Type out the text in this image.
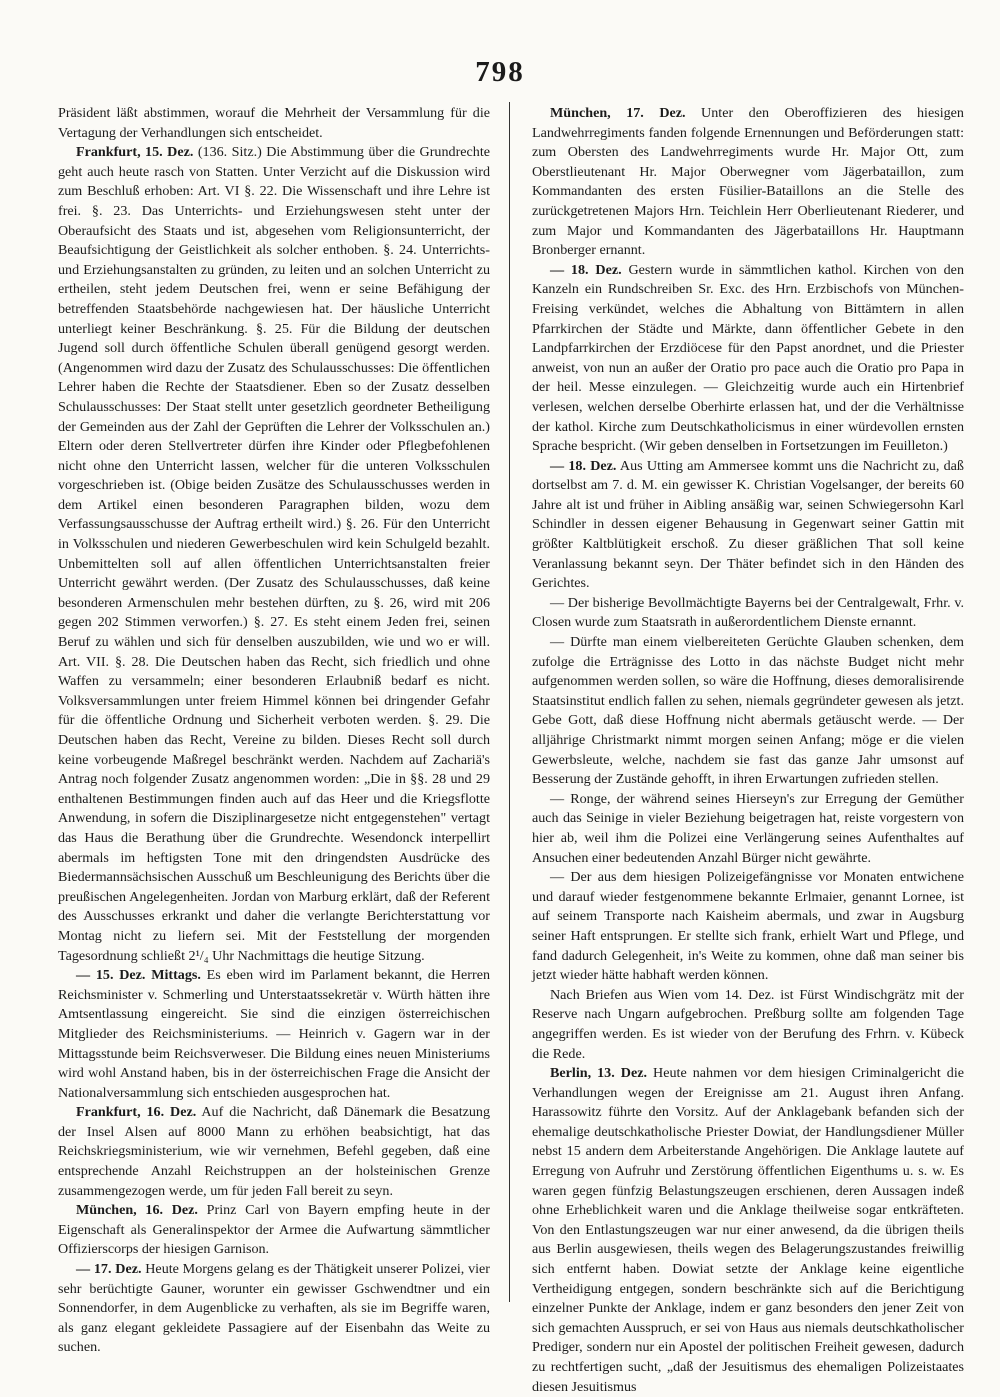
798

Präsident läßt abstimmen, worauf die Mehrheit der Versammlung für die Vertagung der Verhandlungen sich entscheidet.

Frankfurt, 15. Dez. (136. Sitz.) Die Abstimmung über die Grundrechte geht auch heute rasch von Statten. Unter Verzicht auf die Diskussion wird zum Beschluß erhoben: Art. VI §. 22. Die Wissenschaft und ihre Lehre ist frei. §. 23. Das Unterrichts- und Erziehungswesen steht unter der Oberaufsicht des Staats und ist, abgesehen vom Religionsunterricht, der Beaufsichtigung der Geistlichkeit als solcher enthoben. §. 24. Unterrichts- und Erziehungsanstalten zu gründen, zu leiten und an solchen Unterricht zu ertheilen, steht jedem Deutschen frei, wenn er seine Befähigung der betreffenden Staatsbehörde nachgewiesen hat. Der häusliche Unterricht unterliegt keiner Beschränkung. §. 25. Für die Bildung der deutschen Jugend soll durch öffentliche Schulen überall genügend gesorgt werden. (Angenommen wird dazu der Zusatz des Schulausschusses: Die öffentlichen Lehrer haben die Rechte der Staatsdiener. Eben so der Zusatz desselben Schulausschusses: Der Staat stellt unter gesetzlich geordneter Betheiligung der Gemeinden aus der Zahl der Geprüften die Lehrer der Volksschulen an.) Eltern oder deren Stellvertreter dürfen ihre Kinder oder Pflegbefohlenen nicht ohne den Unterricht lassen, welcher für die unteren Volksschulen vorgeschrieben ist. (Obige beiden Zusätze des Schulausschusses werden in dem Artikel einen besonderen Paragraphen bilden, wozu dem Verfassungsausschusse der Auftrag ertheilt wird.) §. 26. Für den Unterricht in Volksschulen und niederen Gewerbeschulen wird kein Schulgeld bezahlt. Unbemittelten soll auf allen öffentlichen Unterrichtsanstalten freier Unterricht gewährt werden. (Der Zusatz des Schulausschusses, daß keine besonderen Armenschulen mehr bestehen dürften, zu §. 26, wird mit 206 gegen 202 Stimmen verworfen.) §. 27. Es steht einem Jeden frei, seinen Beruf zu wählen und sich für denselben auszubilden, wie und wo er will. Art. VII. §. 28. Die Deutschen haben das Recht, sich friedlich und ohne Waffen zu versammeln; einer besonderen Erlaubniß bedarf es nicht. Volksversammlungen unter freiem Himmel können bei dringender Gefahr für die öffentliche Ordnung und Sicherheit verboten werden. §. 29. Die Deutschen haben das Recht, Vereine zu bilden. Dieses Recht soll durch keine vorbeugende Maßregel beschränkt werden. Nachdem auf Zachariä's Antrag noch folgender Zusatz angenommen worden: „Die in §§. 28 und 29 enthaltenen Bestimmungen finden auch auf das Heer und die Kriegsflotte Anwendung, in sofern die Disziplinargesetze nicht entgegenstehen" vertagt das Haus die Berathung über die Grundrechte. Wesendonck interpellirt abermals im heftigsten Tone mit den dringendsten Ausdrücke des Biedermannsächsischen Ausschuß um Beschleunigung des Berichts über die preußischen Angelegenheiten. Jordan von Marburg erklärt, daß der Referent des Ausschusses erkrankt und daher die verlangte Berichterstattung vor Montag nicht zu liefern sei. Mit der Feststellung der morgenden Tagesordnung schließt 2¹/₄ Uhr Nachmittags die heutige Sitzung.

— 15. Dez. Mittags. Es eben wird im Parlament bekannt, die Herren Reichsminister v. Schmerling und Unterstaatssekretär v. Würth hätten ihre Amtsentlassung eingereicht. Sie sind die einzigen österreichischen Mitglieder des Reichsministeriums. — Heinrich v. Gagern war in der Mittagsstunde beim Reichsverweser. Die Bildung eines neuen Ministeriums wird wohl Anstand haben, bis in der österreichischen Frage die Ansicht der Nationalversammlung sich entschieden ausgesprochen hat.

Frankfurt, 16. Dez. Auf die Nachricht, daß Dänemark die Besatzung der Insel Alsen auf 8000 Mann zu erhöhen beabsichtigt, hat das Reichskriegsministerium, wie wir vernehmen, Befehl gegeben, daß eine entsprechende Anzahl Reichstruppen an der holsteinischen Grenze zusammengezogen werde, um für jeden Fall bereit zu seyn.

München, 16. Dez. Prinz Carl von Bayern empfing heute in der Eigenschaft als Generalinspektor der Armee die Aufwartung sämmtlicher Offizierscorps der hiesigen Garnison.

— 17. Dez. Heute Morgens gelang es der Thätigkeit unserer Polizei, vier sehr berüchtigte Gauner, worunter ein gewisser Gschwendtner und ein Sonnendorfer, in dem Augenblicke zu verhaften, als sie im Begriffe waren, als ganz elegant gekleidete Passagiere auf der Eisenbahn das Weite zu suchen.

München, 17. Dez. Unter den Oberoffizieren des hiesigen Landwehrregiments fanden folgende Ernennungen und Beförderungen statt: zum Obersten des Landwehrregiments wurde Hr. Major Ott, zum Oberstlieutenant Hr. Major Oberwegner vom Jägerbataillon, zum Kommandanten des ersten Füsilier-Bataillons an die Stelle des zurückgetretenen Majors Hrn. Teichlein Herr Oberlieutenant Riederer, und zum Major und Kommandanten des Jägerbataillons Hr. Hauptmann Bronberger ernannt.

— 18. Dez. Gestern wurde in sämmtlichen kathol. Kirchen von den Kanzeln ein Rundschreiben Sr. Exc. des Hrn. Erzbischofs von München-Freising verkündet, welches die Abhaltung von Bittämtern in allen Pfarrkirchen der Städte und Märkte, dann öffentlicher Gebete in den Landpfarrkirchen der Erzdiöcese für den Papst anordnet, und die Priester anweist, von nun an außer der Oratio pro pace auch die Oratio pro Papa in der heil. Messe einzulegen. — Gleichzeitig wurde auch ein Hirtenbrief verlesen, welchen derselbe Oberhirte erlassen hat, und der die Verhältnisse der kathol. Kirche zum Deutschkatholicismus in einer würdevollen ernsten Sprache bespricht. (Wir geben denselben in Fortsetzungen im Feuilleton.)

— 18. Dez. Aus Utting am Ammersee kommt uns die Nachricht zu, daß dortselbst am 7. d. M. ein gewisser K. Christian Vogelsanger, der bereits 60 Jahre alt ist und früher in Aibling ansäßig war, seinen Schwiegersohn Karl Schindler in dessen eigener Behausung in Gegenwart seiner Gattin mit größter Kaltblütigkeit erschoß. Zu dieser gräßlichen That soll keine Veranlassung bekannt seyn. Der Thäter befindet sich in den Händen des Gerichtes.

— Der bisherige Bevollmächtigte Bayerns bei der Centralgewalt, Frhr. v. Closen wurde zum Staatsrath in außerordentlichem Dienste ernannt.

— Dürfte man einem vielbereiteten Gerüchte Glauben schenken, dem zufolge die Erträgnisse des Lotto in das nächste Budget nicht mehr aufgenommen werden sollen, so wäre die Hoffnung, dieses demoralisirende Staatsinstitut endlich fallen zu sehen, niemals gegründeter gewesen als jetzt. Gebe Gott, daß diese Hoffnung nicht abermals getäuscht werde. — Der alljährige Christmarkt nimmt morgen seinen Anfang; möge er die vielen Gewerbsleute, welche, nachdem sie fast das ganze Jahr umsonst auf Besserung der Zustände gehofft, in ihren Erwartungen zufrieden stellen.

— Ronge, der während seines Hierseyn's zur Erregung der Gemüther auch das Seinige in vieler Beziehung beigetragen hat, reiste vorgestern von hier ab, weil ihm die Polizei eine Verlängerung seines Aufenthaltes auf Ansuchen einer bedeutenden Anzahl Bürger nicht gewährte.

— Der aus dem hiesigen Polizeigefängnisse vor Monaten entwichene und darauf wieder festgenommene bekannte Erlmaier, genannt Lornee, ist auf seinem Transporte nach Kaisheim abermals, und zwar in Augsburg seiner Haft entsprungen. Er stellte sich frank, erhielt Wart und Pflege, und fand dadurch Gelegenheit, in's Weite zu kommen, ohne daß man seiner bis jetzt wieder hätte habhaft werden können.

Nach Briefen aus Wien vom 14. Dez. ist Fürst Windischgrätz mit der Reserve nach Ungarn aufgebrochen. Preßburg sollte am folgenden Tage angegriffen werden. Es ist wieder von der Berufung des Frhrn. v. Kübeck die Rede.

Berlin, 13. Dez. Heute nahmen vor dem hiesigen Criminalgericht die Verhandlungen wegen der Ereignisse am 21. August ihren Anfang. Harassowitz führte den Vorsitz. Auf der Anklagebank befanden sich der ehemalige deutschkatholische Priester Dowiat, der Handlungsdiener Müller nebst 15 andern dem Arbeiterstande Angehörigen. Die Anklage lautete auf Erregung von Aufruhr und Zerstörung öffentlichen Eigenthums u. s. w. Es waren gegen fünfzig Belastungszeugen erschienen, deren Aussagen indeß ohne Erheblichkeit waren und die Anklage theilweise sogar entkräfteten. Von den Entlastungszeugen war nur einer anwesend, da die übrigen theils aus Berlin ausgewiesen, theils wegen des Belagerungszustandes freiwillig sich entfernt haben. Dowiat setzte der Anklage keine eigentliche Vertheidigung entgegen, sondern beschränkte sich auf die Berichtigung einzelner Punkte der Anklage, indem er ganz besonders den jener Zeit von sich gemachten Ausspruch, er sei von Haus aus niemals deutschkatholischer Prediger, sondern nur ein Apostel der politischen Freiheit gewesen, dadurch zu rechtfertigen sucht, „daß der Jesuitismus des ehemaligen Polizeistaates diesen Jesuitismus
